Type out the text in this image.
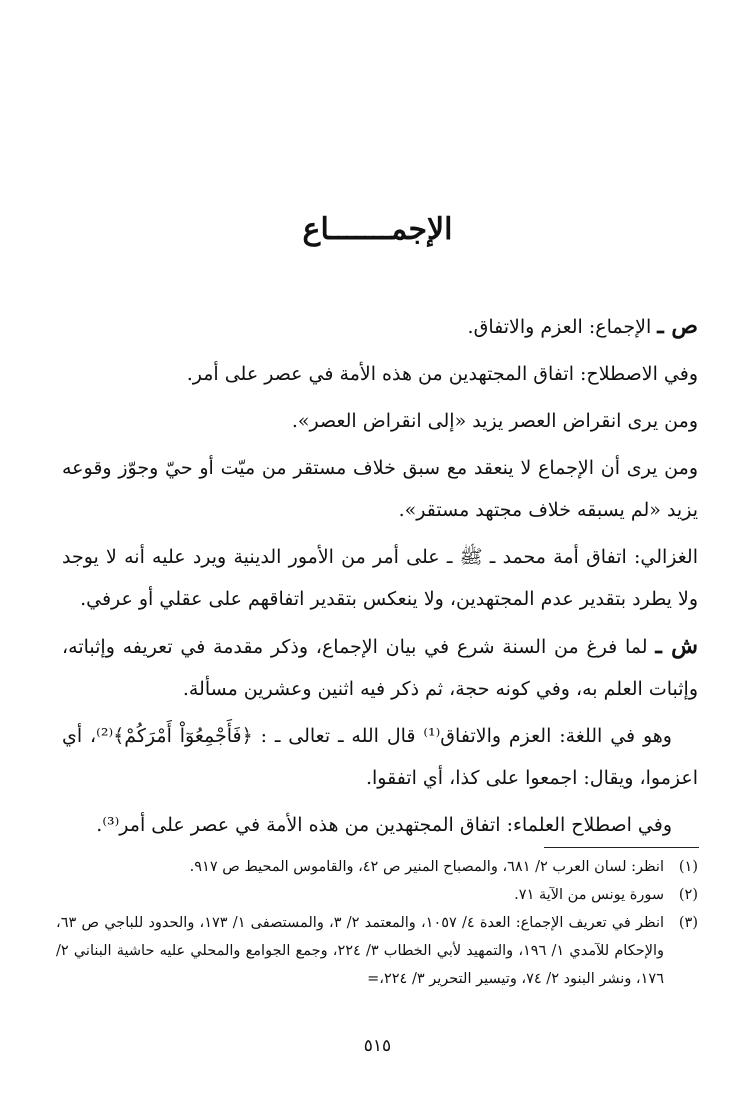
الإجمـــــــاع

ص ـ الإجماع: العزم والاتفاق.

وفي الاصطلاح: اتفاق المجتهدين من هذه الأمة في عصر على أمر.

ومن يرى انقراض العصر يزيد «إلى انقراض العصر».

ومن يرى أن الإجماع لا ينعقد مع سبق خلاف مستقر من ميّت أو حيّ وجوّز وقوعه يزيد «لم يسبقه خلاف مجتهد مستقر».

الغزالي: اتفاق أمة محمد ـ ﷺ ـ على أمر من الأمور الدينية ويرد عليه أنه لا يوجد ولا يطرد بتقدير عدم المجتهدين، ولا ينعكس بتقدير اتفاقهم على عقلي أو عرفي.

ش ـ لما فرغ من السنة شرع في بيان الإجماع، وذكر مقدمة في تعريفه وإثباته، وإثبات العلم به، وفي كونه حجة، ثم ذكر فيه اثنين وعشرين مسألة.

وهو في اللغة: العزم والاتفاق⁽¹⁾ قال الله ـ تعالى ـ : ﴿فَأَجْمِعُوٓاْ أَمْرَكُمْ﴾⁽²⁾، أي اعزموا، ويقال: اجمعوا على كذا، أي اتفقوا.

وفي اصطلاح العلماء: اتفاق المجتهدين من هذه الأمة في عصر على أمر⁽³⁾.

(١)
انظر: لسان العرب ٢/ ٦٨١، والمصباح المنير ص ٤٢، والقاموس المحيط ص ٩١٧.
(٢)
سورة يونس من الآية ٧١.
(٣)
انظر في تعريف الإجماع: العدة ٤/ ١٠٥٧، والمعتمد ٢/ ٣، والمستصفى ١/ ١٧٣، والحدود للباجي ص ٦٣، والإحكام للآمدي ١/ ١٩٦، والتمهيد لأبي الخطاب ٣/ ٢٢٤، وجمع الجوامع والمحلي عليه حاشية البناني ٢/ ١٧٦، ونشر البنود ٢/ ٧٤، وتيسير التحرير ٣/ ٢٢٤،=
٥١٥
